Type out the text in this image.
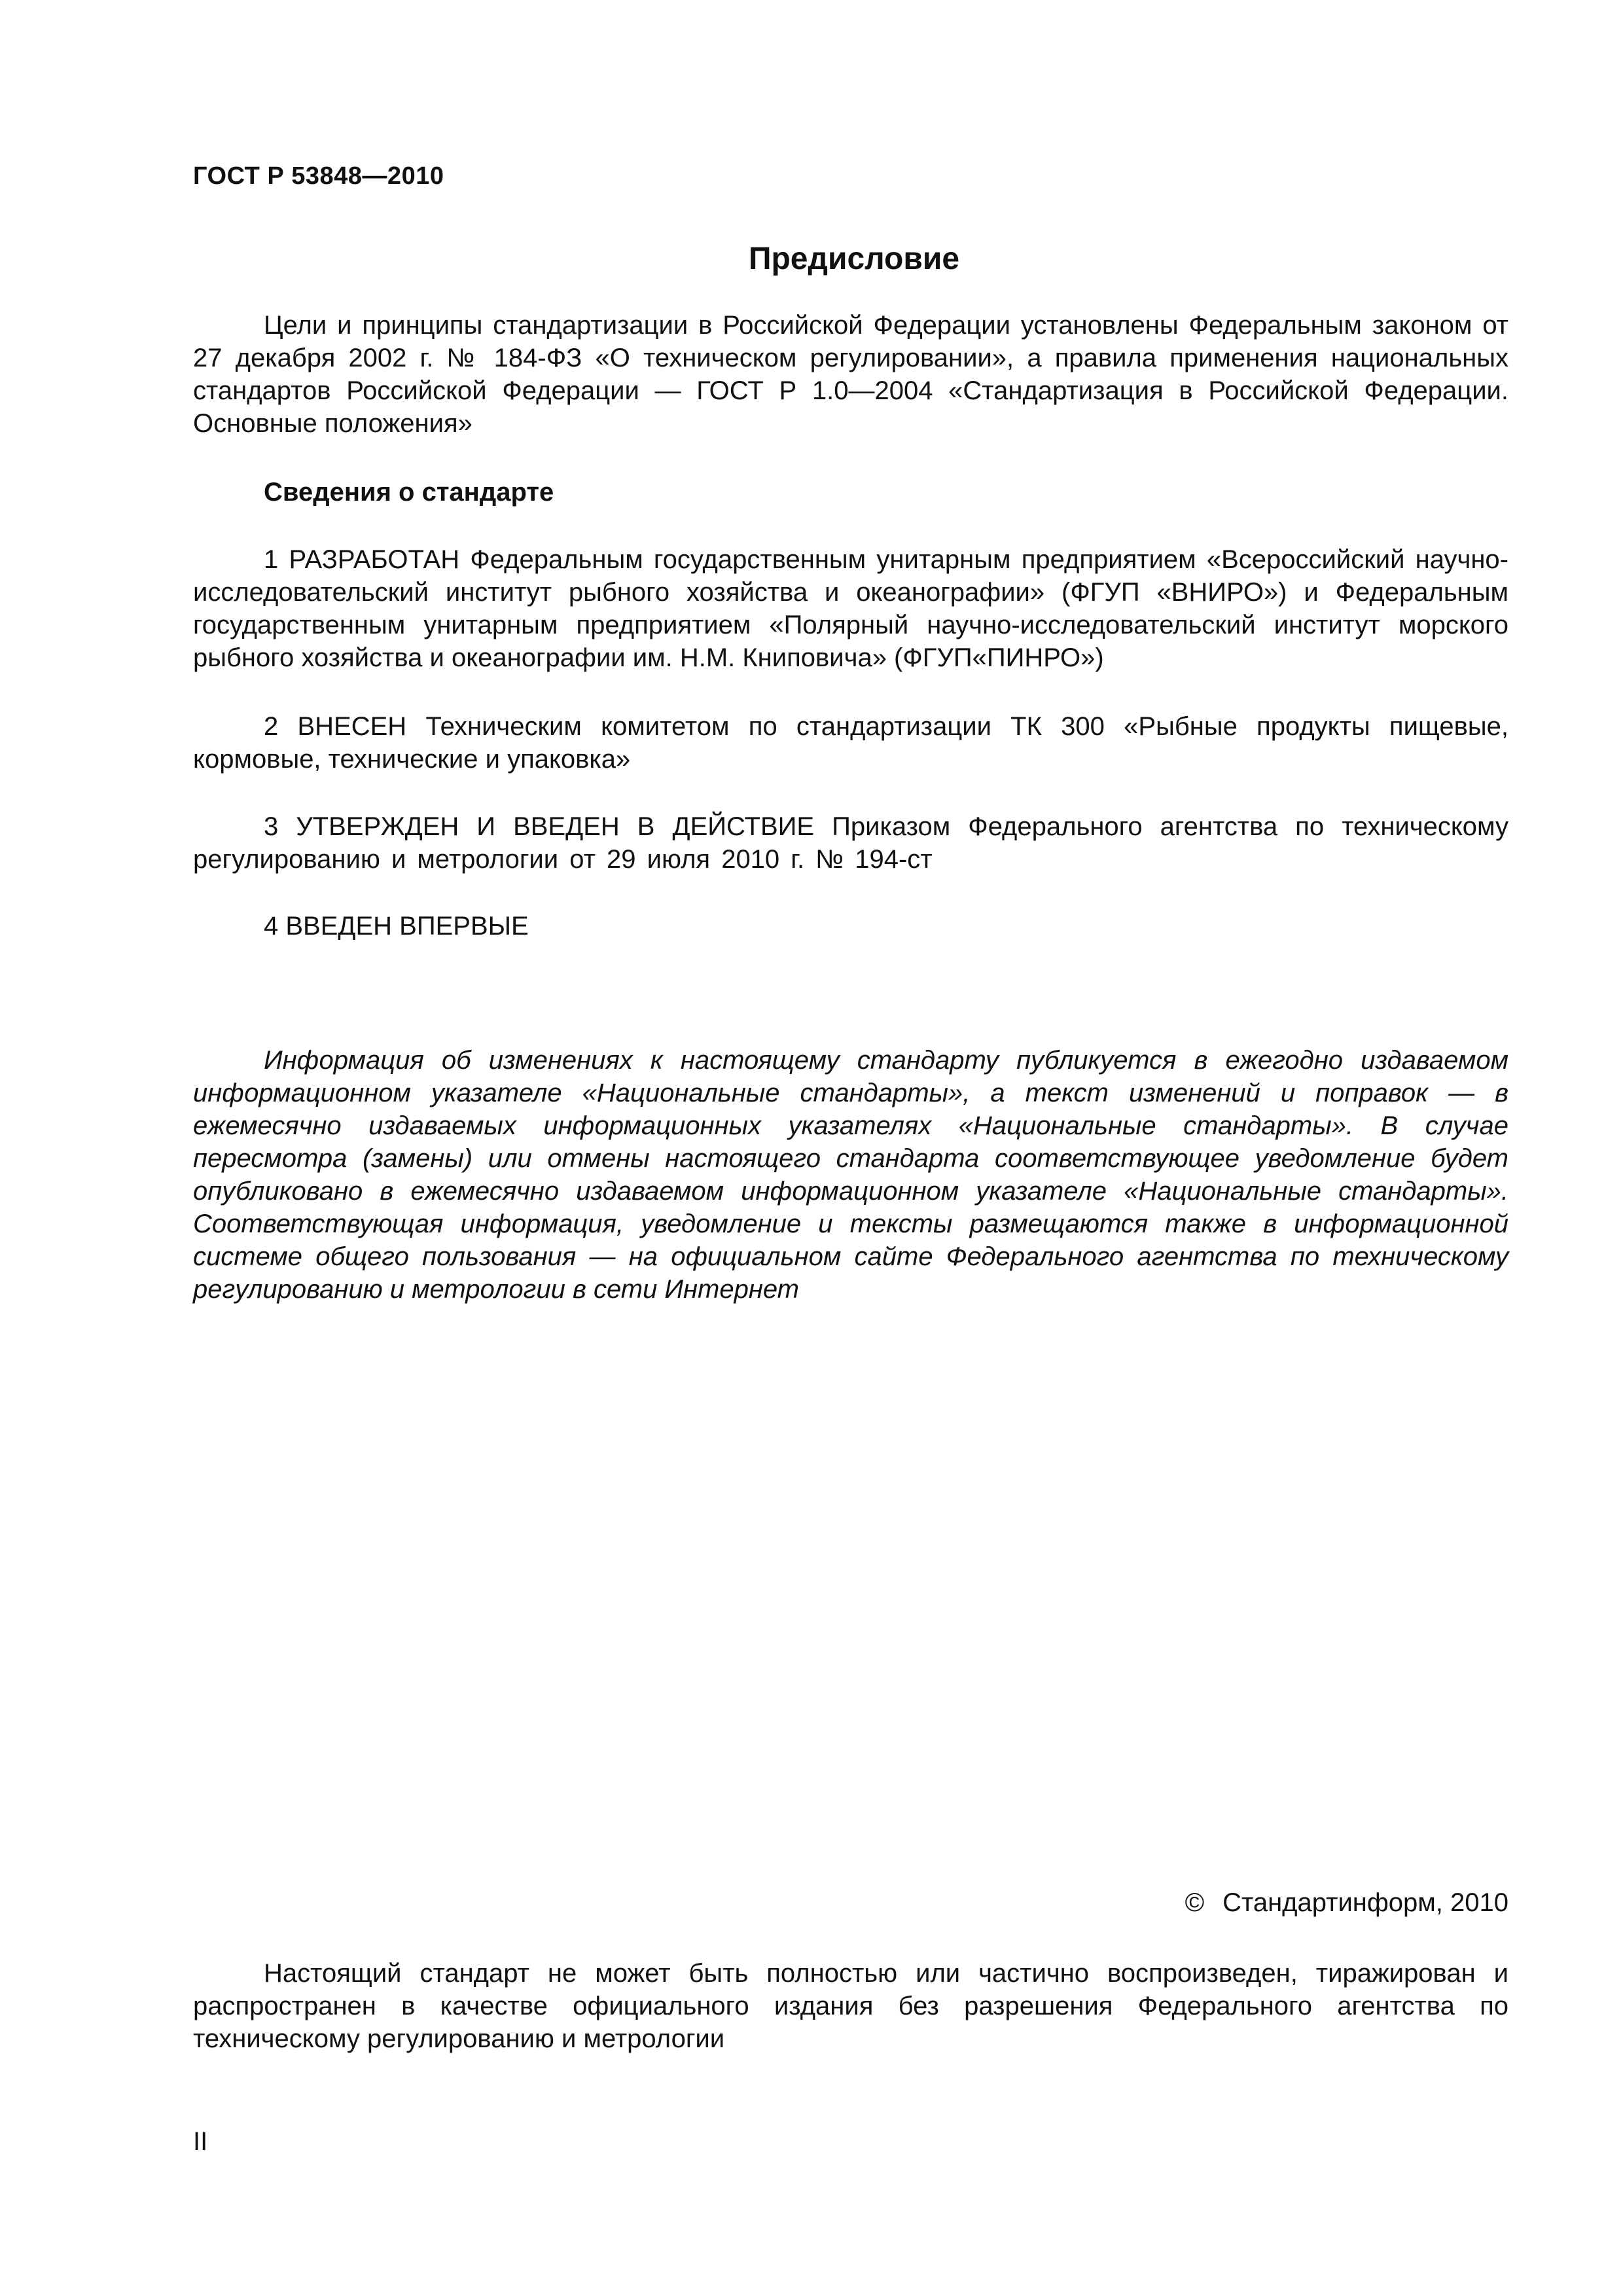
ГОСТ Р 53848—2010
Предисловие

Цели и принципы стандартизации в Российской Федерации установлены Федеральным законом от 27 декабря 2002 г. № 184-ФЗ «О техническом регулировании», а правила применения национальных стандартов Российской Федерации — ГОСТ Р 1.0—2004 «Стандартизация в Российской Федерации. Основные положения»

Сведения о стандарте

1 РАЗРАБОТАН Федеральным государственным унитарным предприятием «Всероссийский научно-исследовательский институт рыбного хозяйства и океанографии» (ФГУП «ВНИРО») и Федеральным государственным унитарным предприятием «Полярный научно-исследовательский институт морского рыбного хозяйства и океанографии им. Н.М. Книповича» (ФГУП«ПИНРО»)

2 ВНЕСЕН Техническим комитетом по стандартизации ТК 300 «Рыбные продукты пищевые, кормовые, технические и упаковка»

3 УТВЕРЖДЕН И ВВЕДЕН В ДЕЙСТВИЕ Приказом Федерального агентства по техническому регулированию и метрологии от 29 июля 2010 г. № 194-ст

4 ВВЕДЕН ВПЕРВЫЕ

Информация об изменениях к настоящему стандарту публикуется в ежегодно издаваемом информационном указателе «Национальные стандарты», а текст изменений и поправок — в ежемесячно издаваемых информационных указателях «Национальные стандарты». В случае пересмотра (замены) или отмены настоящего стандарта соответствующее уведомление будет опубликовано в ежемесячно издаваемом информационном указателе «Национальные стандарты». Соответствующая информация, уведомление и тексты размещаются также в информационной системе общего пользования — на официальном сайте Федерального агентства по техническому регулированию и метрологии в сети Интернет

© Стандартинформ, 2010

Настоящий стандарт не может быть полностью или частично воспроизведен, тиражирован и распространен в качестве официального издания без разрешения Федерального агентства по техническому регулированию и метрологии

II
